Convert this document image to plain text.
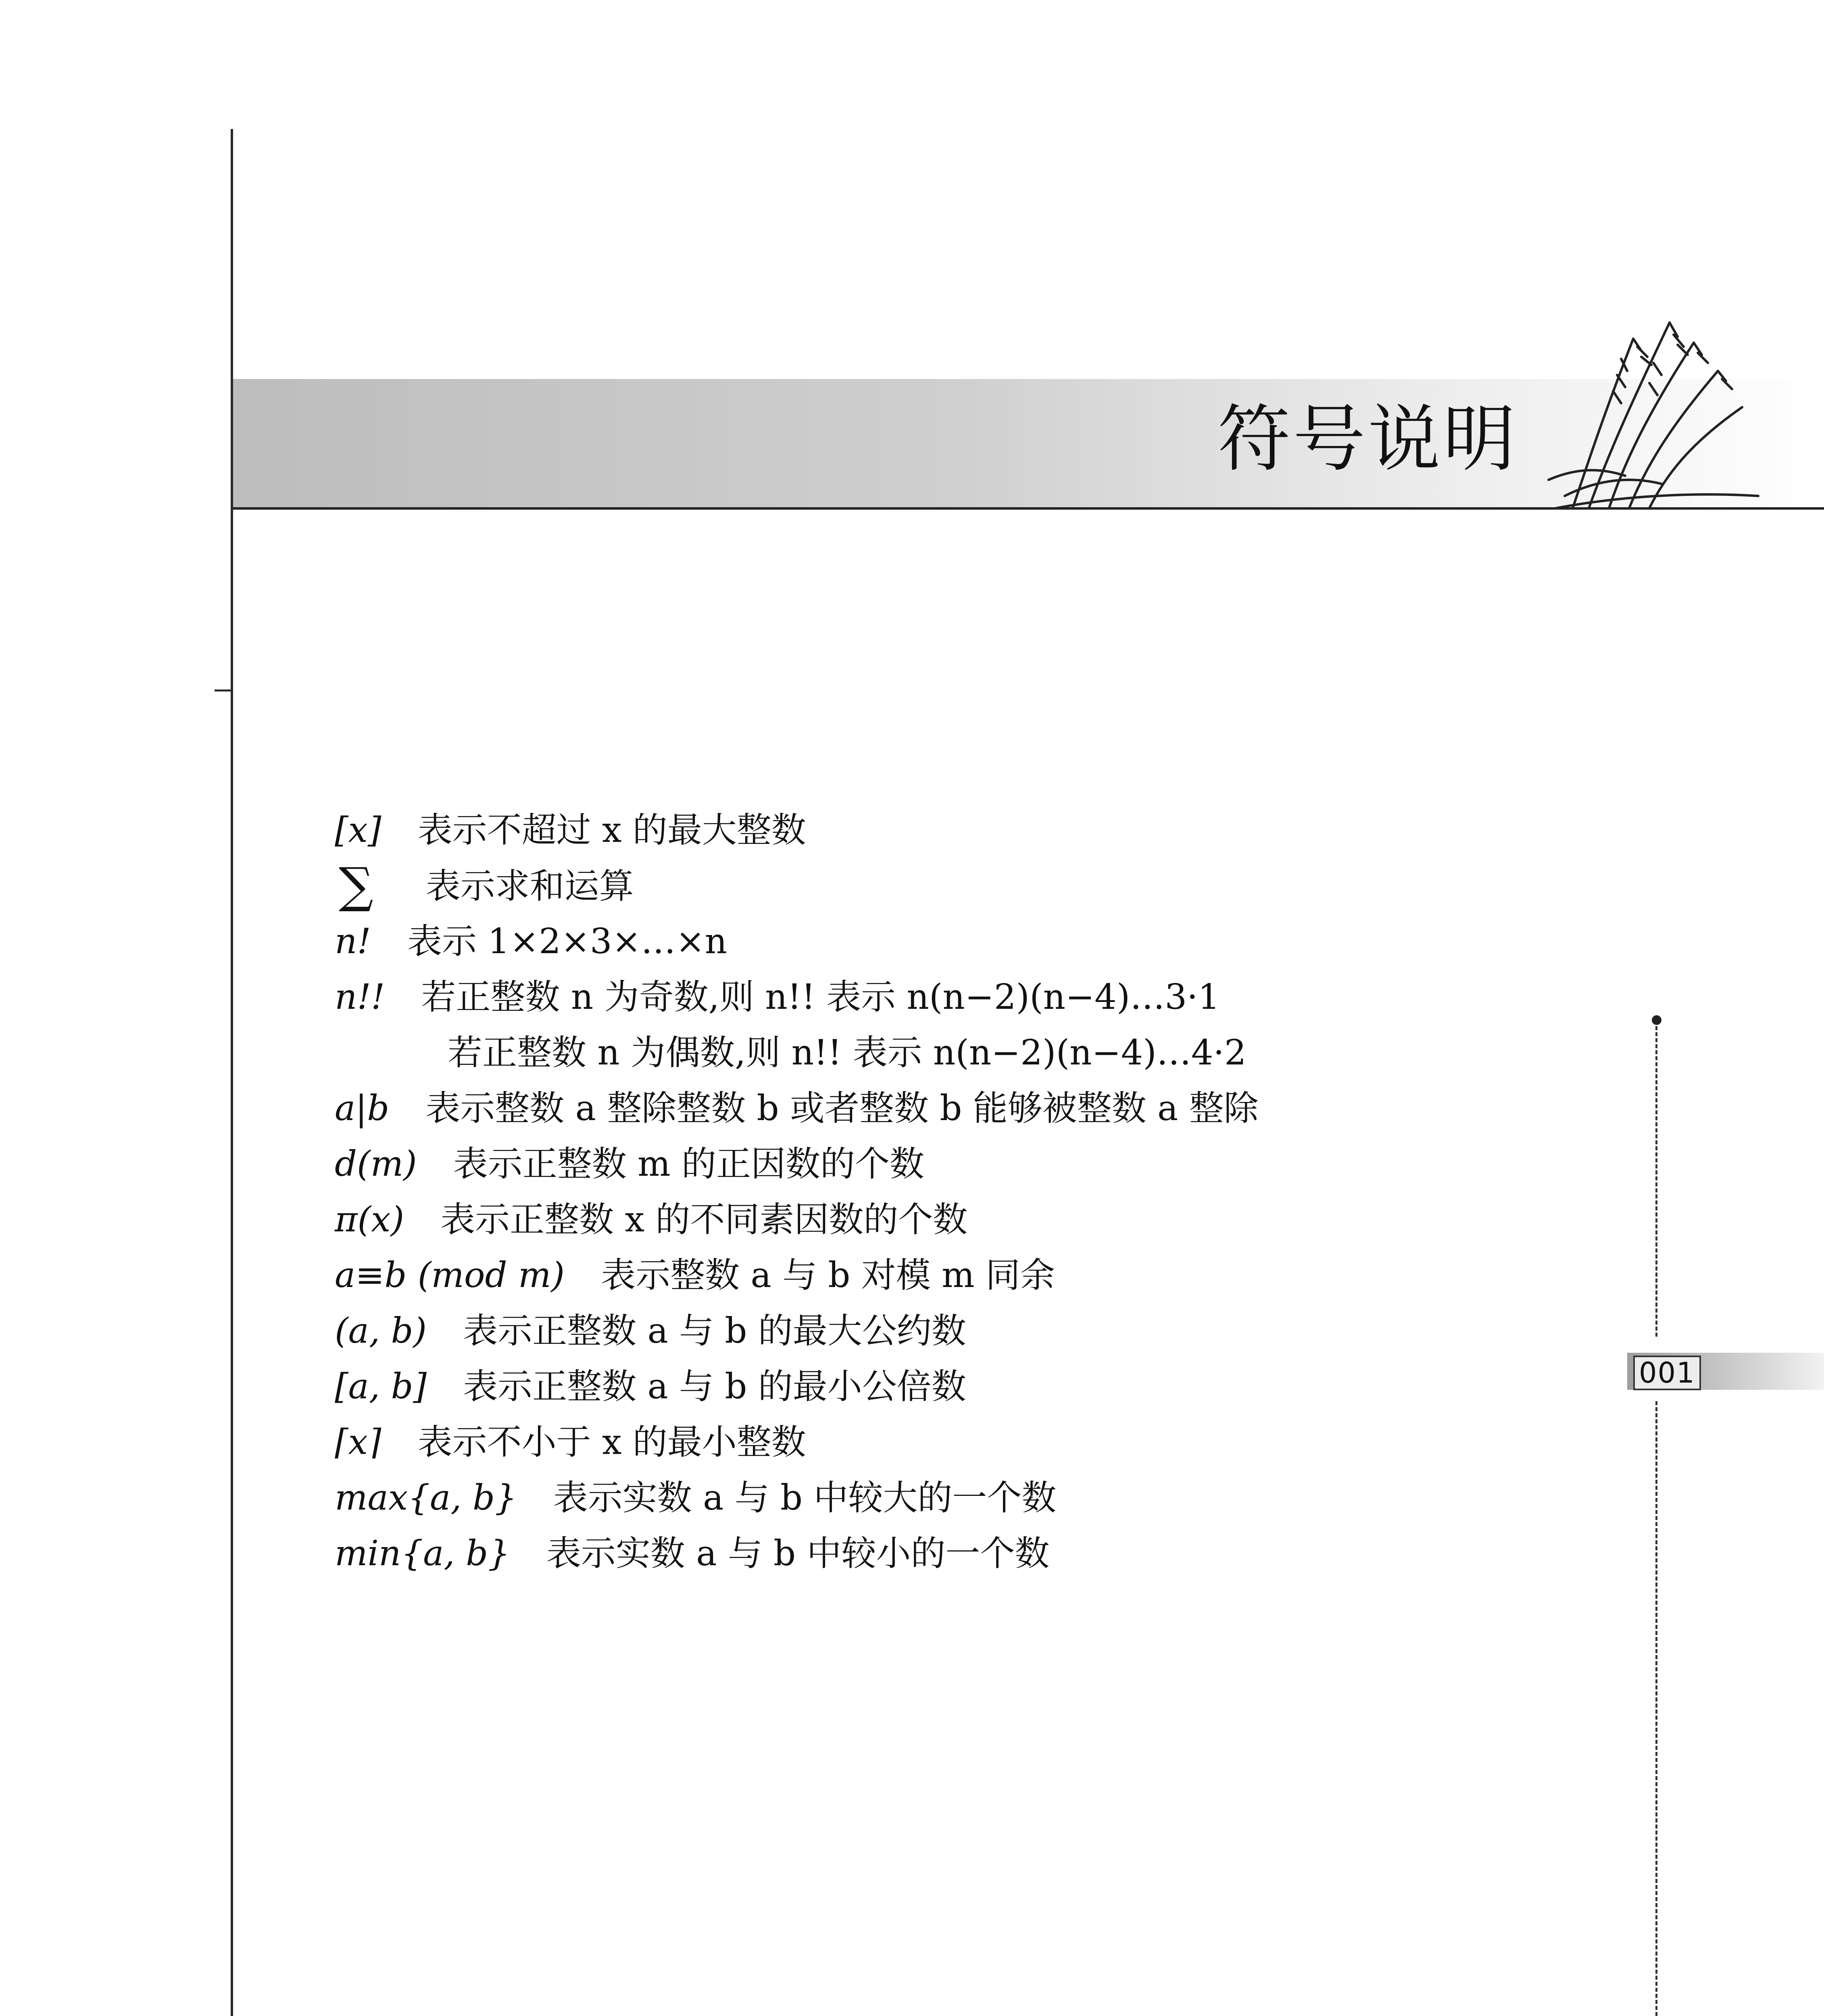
符号说明
[x] 表示不超过 x 的最大整数
∑ 表示求和运算
n! 表示 1×2×3×…×n
n!! 若正整数 n 为奇数,则 n!! 表示 n(n−2)(n−4)…3·1
若正整数 n 为偶数,则 n!! 表示 n(n−2)(n−4)…4·2
a|b 表示整数 a 整除整数 b 或者整数 b 能够被整数 a 整除
d(m) 表示正整数 m 的正因数的个数
π(x) 表示正整数 x 的不同素因数的个数
a≡b (mod m) 表示整数 a 与 b 对模 m 同余
(a, b) 表示正整数 a 与 b 的最大公约数
[a, b] 表示正整数 a 与 b 的最小公倍数
⌈x⌉ 表示不小于 x 的最小整数
max{a, b} 表示实数 a 与 b 中较大的一个数
min{a, b} 表示实数 a 与 b 中较小的一个数
001
